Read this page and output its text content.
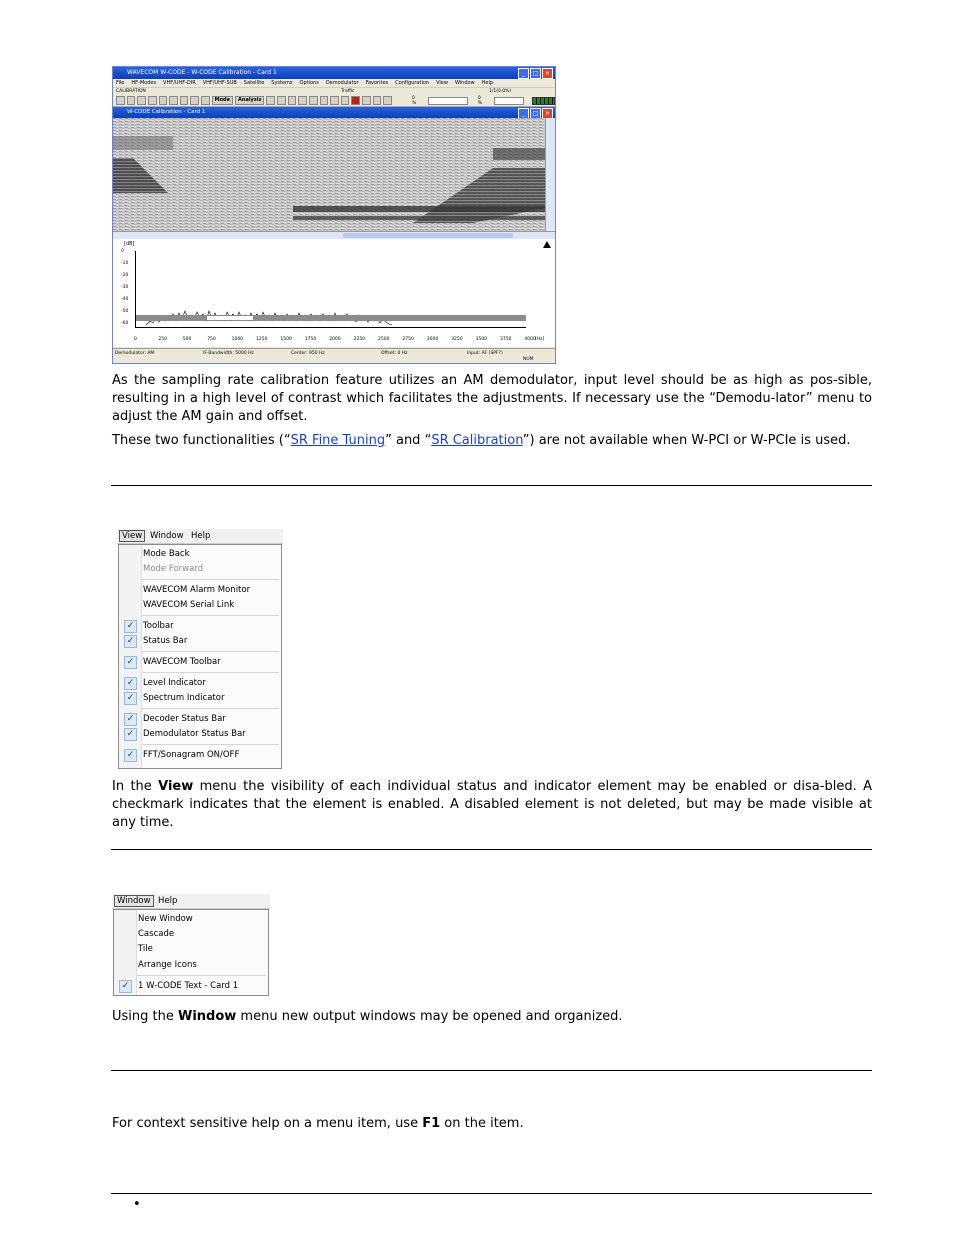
WAVECOM W-CODE - W-CODE Calibration - Card 1	_	□	×
File HF-Modes VHF/UHF-DIR VHF/UHF-SUB Satellite Systems Options Demodulator Favorites Configuration View Window Help
CALIBRATION	Traffic	1/1(0.0%)
Mode	Analysis	0 %
0 %
W-CODE Calibration - Card 1	_	□	×
[dB]
0
-10
-20
-30
-40
-50
-60
0	250	500	750	1000	1250	1500	1750	2000	2250	2500	2750	3000	3250	3500	3750	4000 [Hz]
Demodulator: AM	IF-Bandwidth: 5000 Hz	Center: 950 Hz	Offset: 0 Hz	Input: AF (SPF?)
NUM

As the sampling rate calibration feature utilizes an AM demodulator, input level should be as high as pos-sible, resulting in a high level of contrast which facilitates the adjustments. If necessary use the “Demodu-lator” menu to adjust the AM gain and offset.

These two functionalities (“SR Fine Tuning” and “SR Calibration”) are not available when W-PCI or W-PCIe is used.

View Window Help
Mode Back
Mode Forward
WAVECOM Alarm Monitor
WAVECOM Serial Link
✓	Toolbar
✓	Status Bar
✓	WAVECOM Toolbar
✓	Level Indicator
✓	Spectrum Indicator
✓	Decoder Status Bar
✓	Demodulator Status Bar
✓	FFT/Sonagram ON/OFF

In the View menu the visibility of each individual status and indicator element may be enabled or disa-bled. A checkmark indicates that the element is enabled. A disabled element is not deleted, but may be made visible at any time.

Window Help
New Window
Cascade
Tile
Arrange Icons
✓	1 W-CODE Text - Card 1

Using the Window menu new output windows may be opened and organized.

For context sensitive help on a menu item, use F1 on the item.

•
